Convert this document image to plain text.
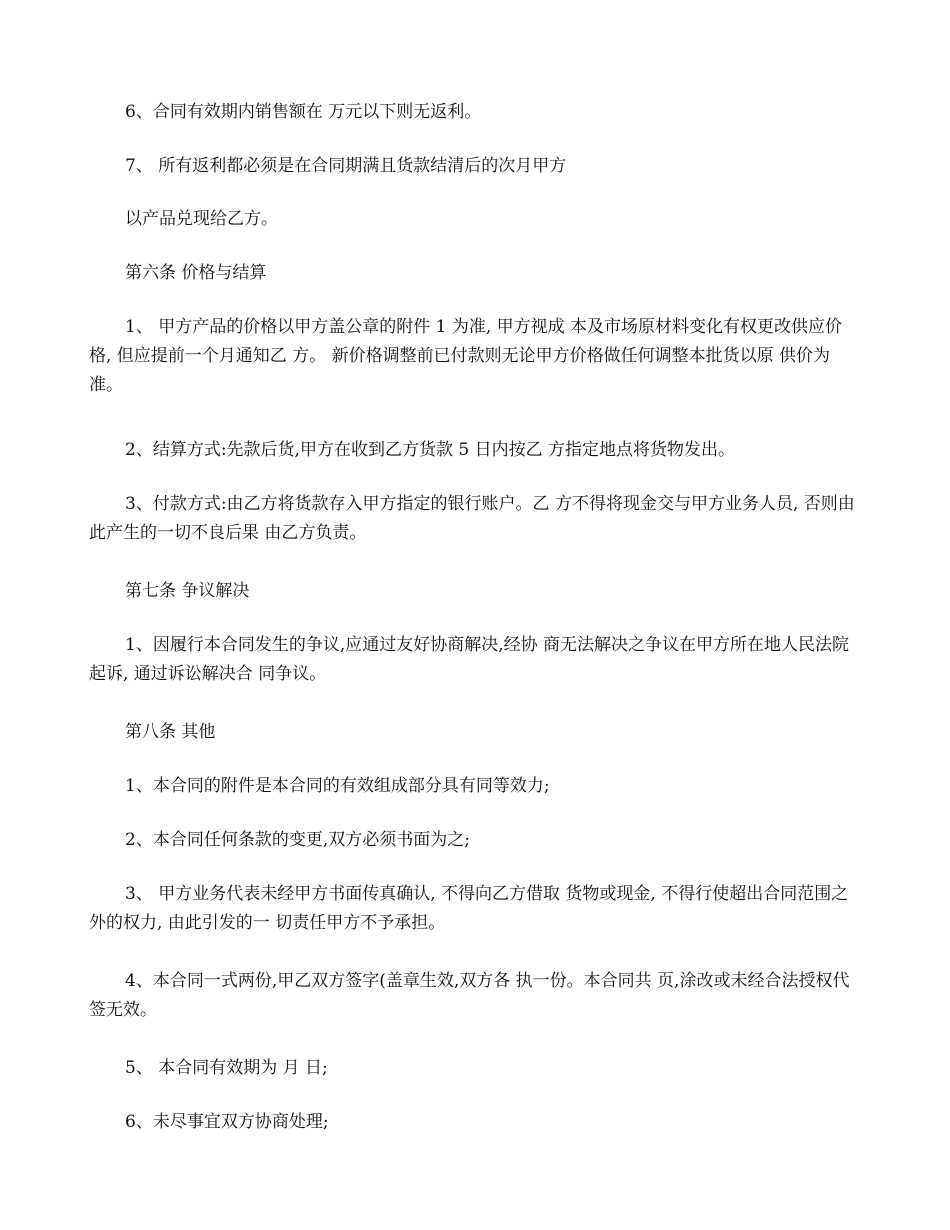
6、合同有效期内销售额在 万元以下则无返利。

7、 所有返利都必须是在合同期满且货款结清后的次月甲方

以产品兑现给乙方。

第六条 价格与结算

1、 甲方产品的价格以甲方盖公章的附件 1 为准, 甲方视成 本及市场原材料变化有权更改供应价格, 但应提前一个月通知乙 方。 新价格调整前已付款则无论甲方价格做任何调整本批货以原 供价为准。

2、结算方式:先款后货,甲方在收到乙方货款 5 日内按乙 方指定地点将货物发出。

3、付款方式:由乙方将货款存入甲方指定的银行账户。乙 方不得将现金交与甲方业务人员, 否则由此产生的一切不良后果 由乙方负责。

第七条 争议解决

1、因履行本合同发生的争议,应通过友好协商解决,经协 商无法解决之争议在甲方所在地人民法院起诉, 通过诉讼解决合 同争议。

第八条 其他

1、本合同的附件是本合同的有效组成部分具有同等效力;

2、本合同任何条款的变更,双方必须书面为之;

3、 甲方业务代表未经甲方书面传真确认, 不得向乙方借取 货物或现金, 不得行使超出合同范围之外的权力, 由此引发的一 切责任甲方不予承担。

4、本合同一式两份,甲乙双方签字(盖章生效,双方各 执一份。本合同共 页,涂改或未经合法授权代签无效。

5、 本合同有效期为 月 日;

6、未尽事宜双方协商处理;
